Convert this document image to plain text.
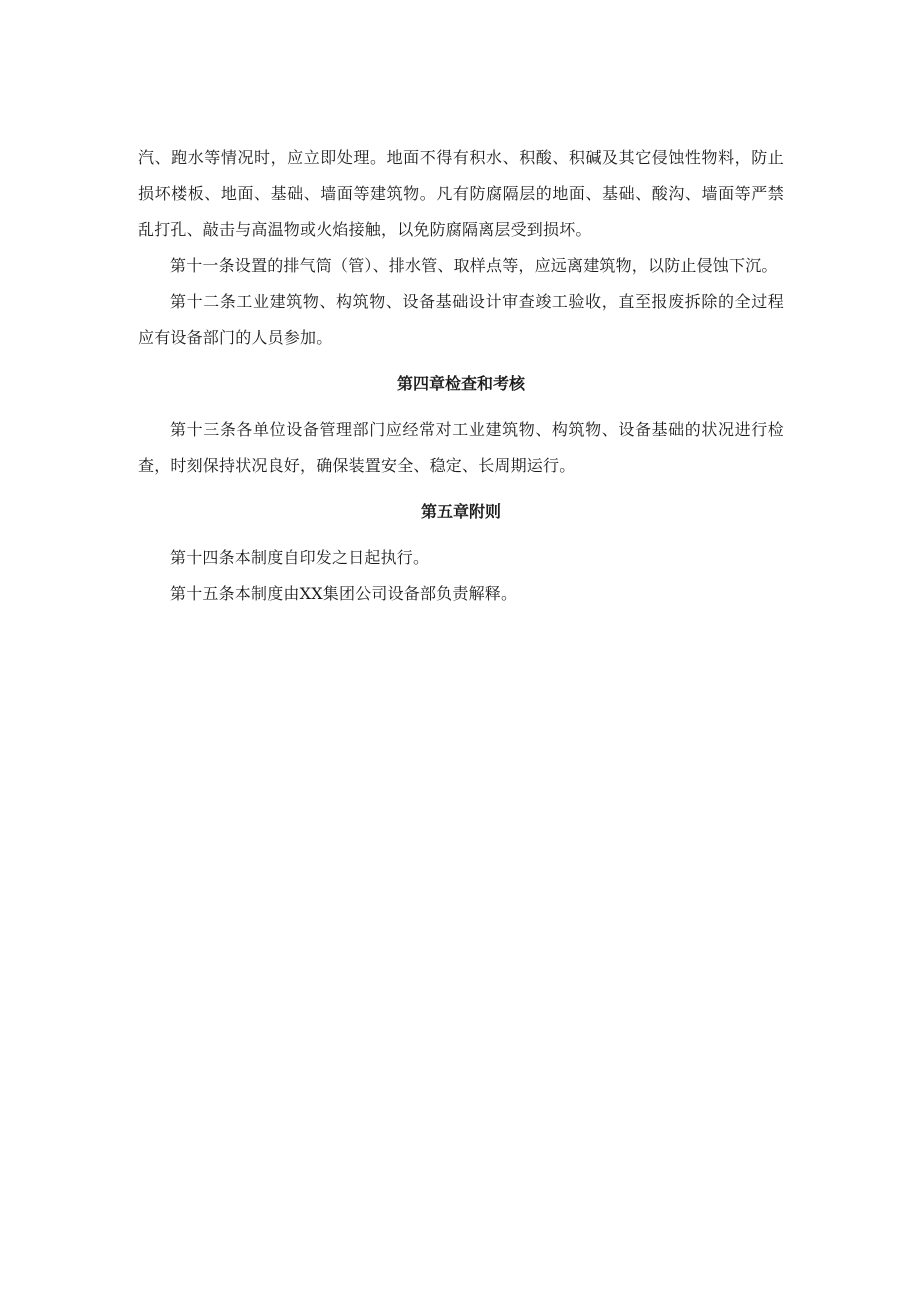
汽、跑水等情况时，应立即处理。地面不得有积水、积酸、积碱及其它侵蚀性物料，防止损坏楼板、地面、基础、墙面等建筑物。凡有防腐隔层的地面、基础、酸沟、墙面等严禁乱打孔、敲击与高温物或火焰接触，以免防腐隔离层受到损坏。

第十一条设置的排气筒（管）、排水管、取样点等，应远离建筑物，以防止侵蚀下沉。

第十二条工业建筑物、构筑物、设备基础设计审查竣工验收，直至报废拆除的全过程应有设备部门的人员参加。

第四章检查和考核

第十三条各单位设备管理部门应经常对工业建筑物、构筑物、设备基础的状况进行检查，时刻保持状况良好，确保装置安全、稳定、长周期运行。

第五章附则

第十四条本制度自印发之日起执行。

第十五条本制度由XX集团公司设备部负责解释。
